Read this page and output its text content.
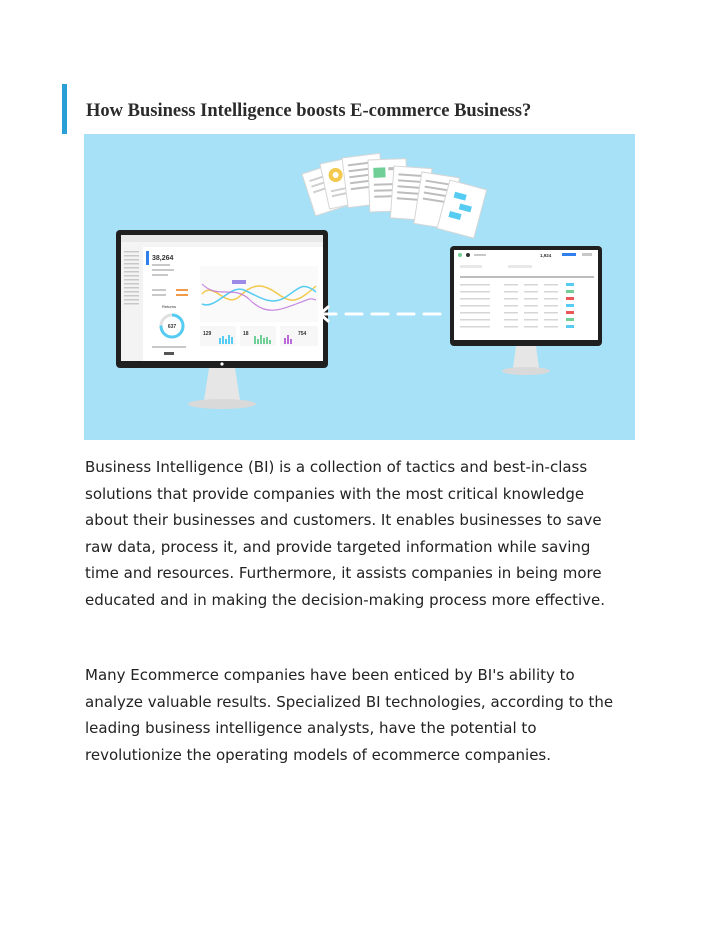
How Business Intelligence boosts E-commerce Business?
38,264
Returns
637
129	18	754
1,924
Business Intelligence (BI) is a collection of tactics and best-in-class
solutions that provide companies with the most critical knowledge
about their businesses and customers. It enables businesses to save
raw data, process it, and provide targeted information while saving
time and resources. Furthermore, it assists companies in being more
educated and in making the decision-making process more effective.
Many Ecommerce companies have been enticed by BI's ability to
analyze valuable results. Specialized BI technologies, according to the
leading business intelligence analysts, have the potential to
revolutionize the operating models of ecommerce companies.
